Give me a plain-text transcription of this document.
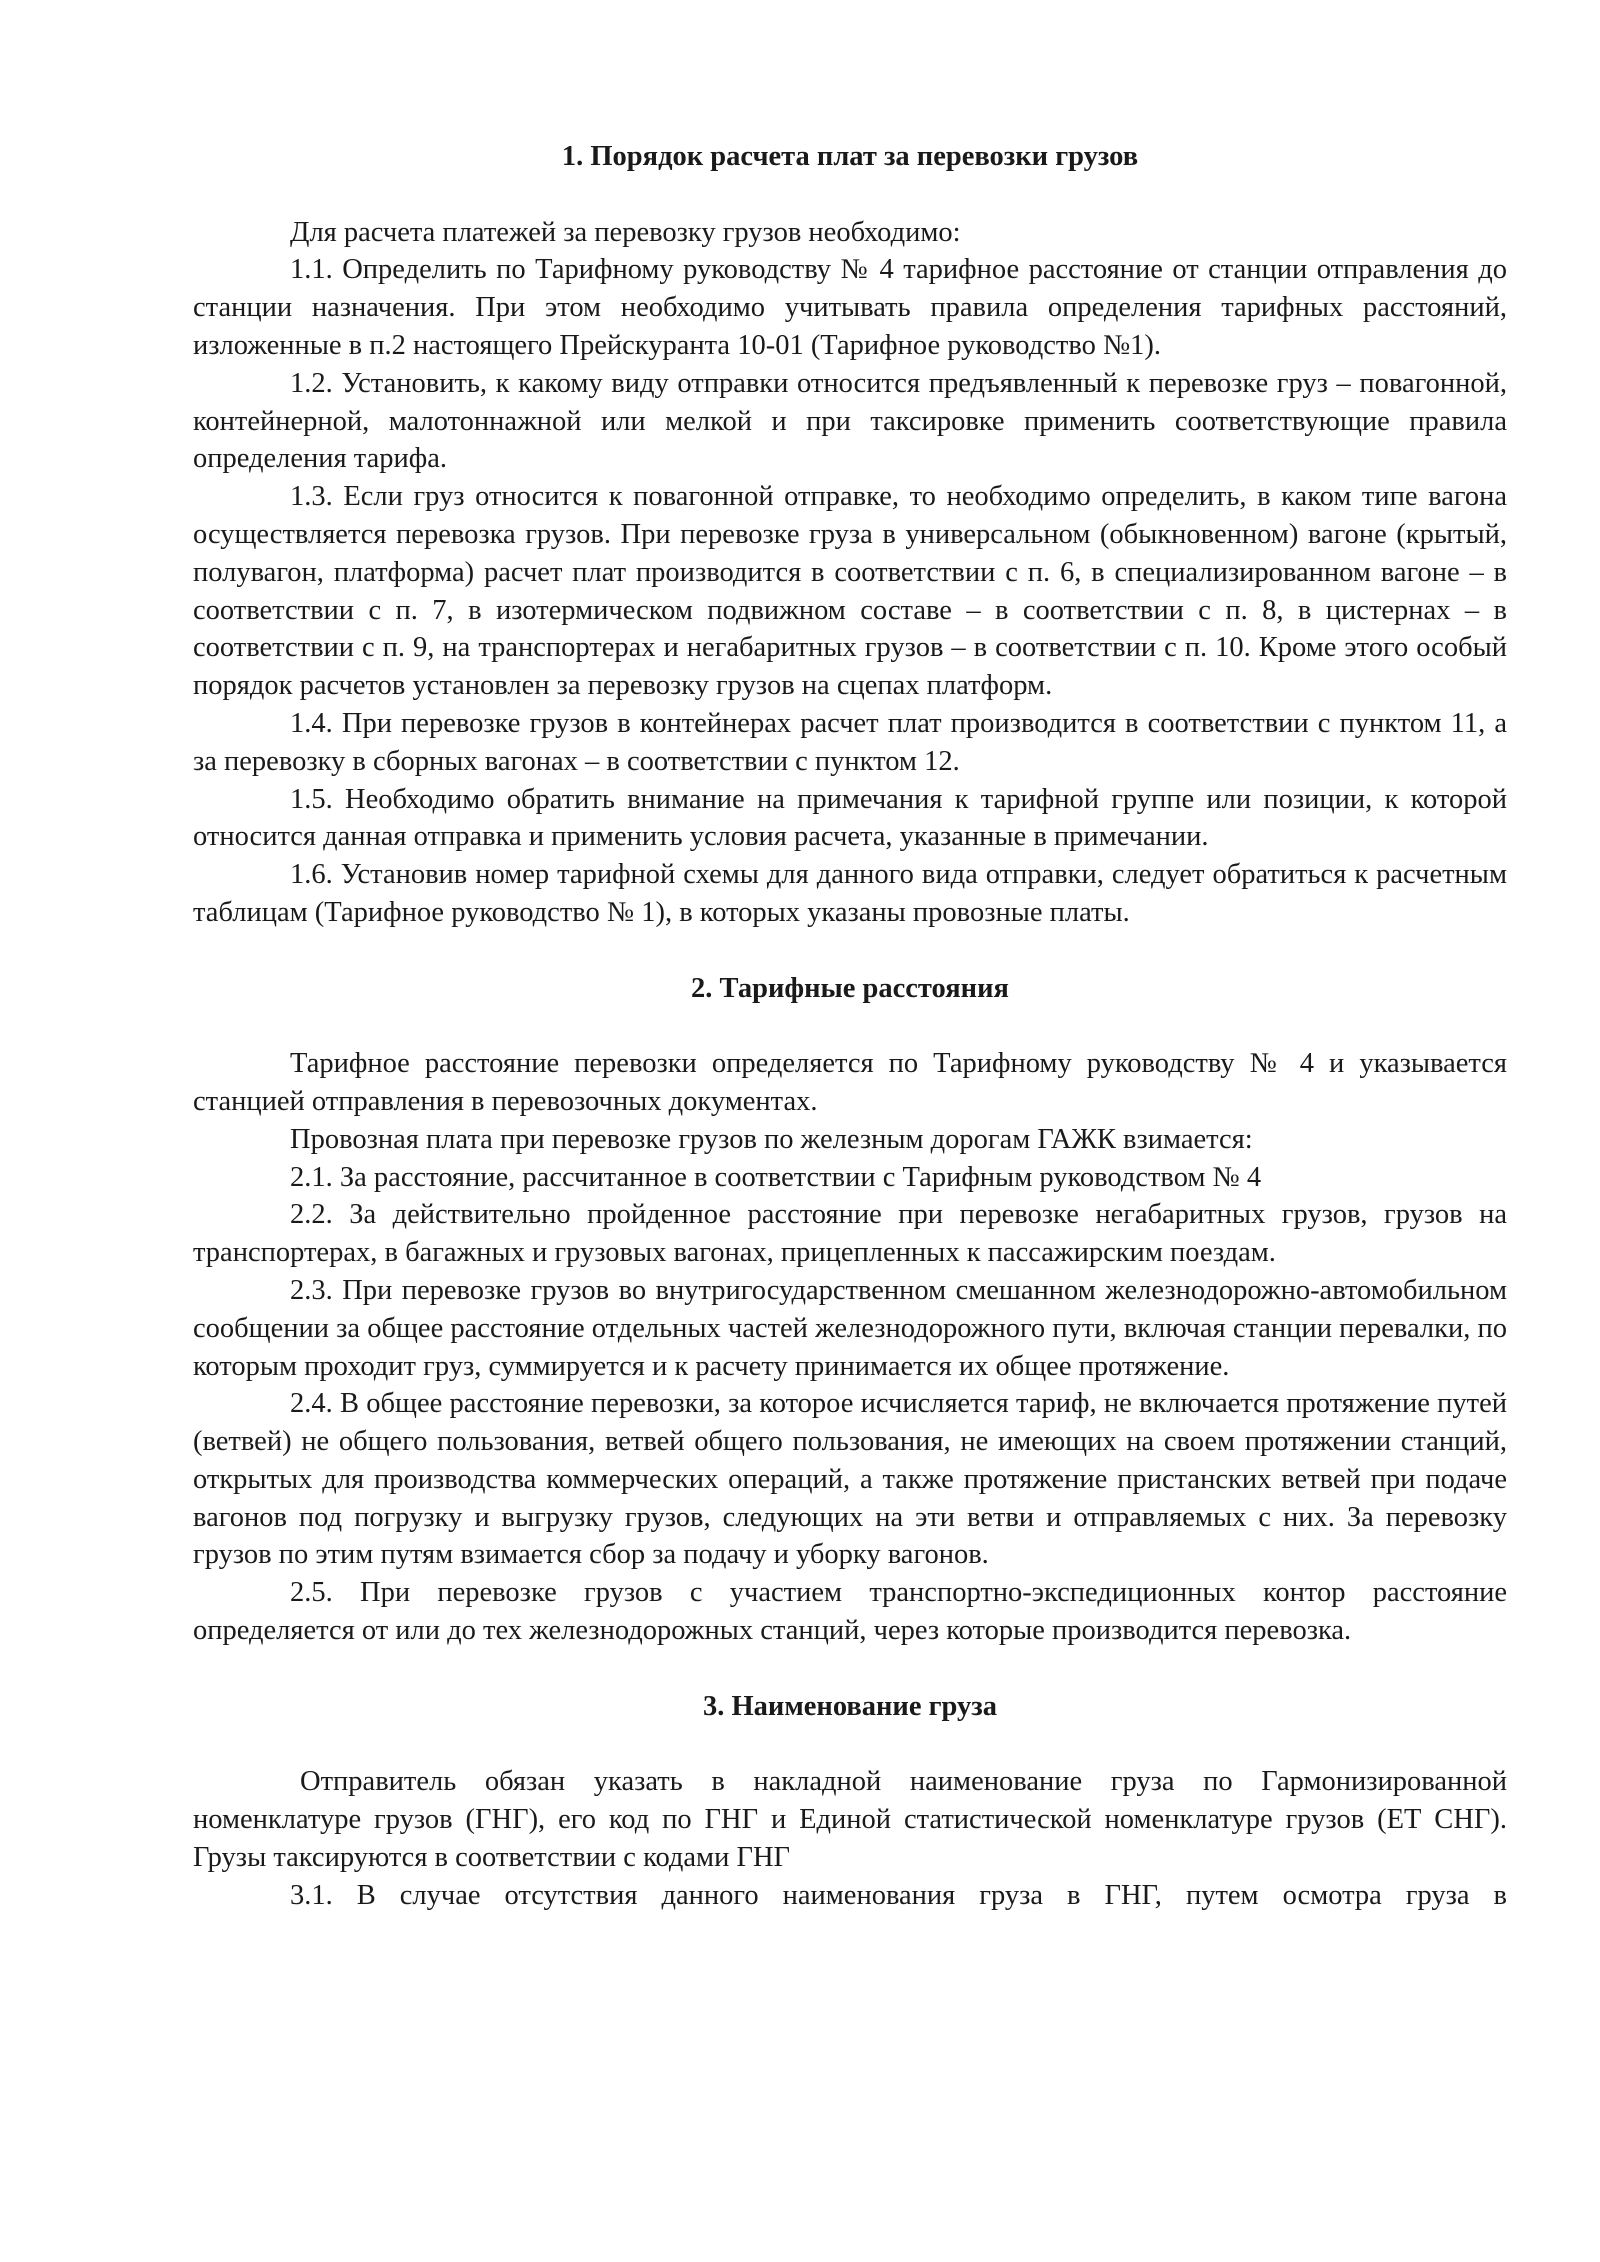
1. Порядок расчета плат за перевозки грузов

Для расчета платежей за перевозку грузов необходимо:

1.1. Определить по Тарифному руководству № 4 тарифное расстояние от станции отправления до станции назначения. При этом необходимо учитывать правила определения тарифных расстояний, изложенные в п.2 настоящего Прейскуранта 10-01 (Тарифное руководство №1).

1.2. Установить, к какому виду отправки относится предъявленный к перевозке груз – повагонной, контейнерной, малотоннажной или мелкой и при таксировке применить соответствующие правила определения тарифа.

1.3. Если груз относится к повагонной отправке, то необходимо определить, в каком типе вагона осуществляется перевозка грузов. При перевозке груза в универсальном (обыкновенном) вагоне (крытый, полувагон, платформа) расчет плат производится в соответствии с п. 6, в специализированном вагоне – в соответствии с п. 7, в изотермическом подвижном составе – в соответствии с п. 8, в цистернах – в соответствии с п. 9, на транспортерах и негабаритных грузов – в соответствии с п. 10. Кроме этого особый порядок расчетов установлен за перевозку грузов на сцепах платформ.

1.4. При перевозке грузов в контейнерах расчет плат производится в соответствии с пунктом 11, а за перевозку в сборных вагонах – в соответствии с пунктом 12.

1.5. Необходимо обратить внимание на примечания к тарифной группе или позиции, к которой относится данная отправка и применить условия расчета, указанные в примечании.

1.6. Установив номер тарифной схемы для данного вида отправки, следует обратиться к расчетным таблицам (Тарифное руководство № 1), в которых указаны провозные платы.

2. Тарифные расстояния

Тарифное расстояние перевозки определяется по Тарифному руководству № 4 и указывается станцией отправления в перевозочных документах.

Провозная плата при перевозке грузов по железным дорогам ГАЖК взимается:

2.1. За расстояние, рассчитанное в соответствии с Тарифным руководством № 4

2.2. За действительно пройденное расстояние при перевозке негабаритных грузов, грузов на транспортерах, в багажных и грузовых вагонах, прицепленных к пассажирским поездам.

2.3. При перевозке грузов во внутригосударственном смешанном железнодорожно-автомобильном сообщении за общее расстояние отдельных частей железнодорожного пути, включая станции перевалки, по которым проходит груз, суммируется и к расчету принимается их общее протяжение.

2.4. В общее расстояние перевозки, за которое исчисляется тариф, не включается протяжение путей (ветвей) не общего пользования, ветвей общего пользования, не имеющих на своем протяжении станций, открытых для производства коммерческих операций, а также протяжение пристанских ветвей при подаче вагонов под погрузку и выгрузку грузов, следующих на эти ветви и отправляемых с них. За перевозку грузов по этим путям взимается сбор за подачу и уборку вагонов.

2.5. При перевозке грузов с участием транспортно-экспедиционных контор расстояние определяется от или до тех железнодорожных станций, через которые производится перевозка.

3. Наименование груза

Отправитель обязан указать в накладной наименование груза по Гармонизированной номенклатуре грузов (ГНГ), его код по ГНГ и Единой статистической номенклатуре грузов (ЕТ СНГ). Грузы таксируются в соответствии с кодами ГНГ

3.1. В случае отсутствия данного наименования груза в ГНГ, путем осмотра груза в
